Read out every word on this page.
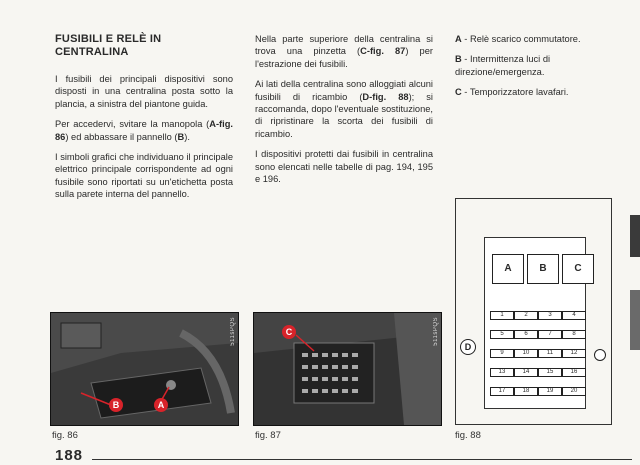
FUSIBILI E RELÈ IN
CENTRALINA

I fusibili dei principali dispositivi sono disposti in una centralina posta sotto la plancia, a sinistra del piantone guida.

Per accedervi, svitare la manopola (A-fig. 86) ed abbassare il pannello (B).

I simboli grafici che individuano il principale elettrico principale corrispondente ad ogni fusibile sono riportati su un'etichetta posta sulla parete interna del pannello.

Nella parte superiore della centralina si trova una pinzetta (C-fig. 87) per l'estrazione dei fusibili.

Ai lati della centralina sono alloggiati alcuni fusibili di ricambio (D-fig. 88); si raccomanda, dopo l'eventuale sostituzione, di ripristinare la scorta dei fusibili di ricambio.

I dispositivi protetti dai fusibili in centralina sono elencati nelle tabelle di pag. 194, 195 e 196.

A - Relè scarico commutatore.

B - Intermittenza luci di direzione/emergenza.

C - Temporizzatore lavafari.

B	A
511sPQS
fig. 86
C	511sPQS
fig. 87
A	B	C
1	2	3	4
5	6	7	8
9	10	11	12
13	14	15	16
17	18	19	20
D
fig. 88
188
